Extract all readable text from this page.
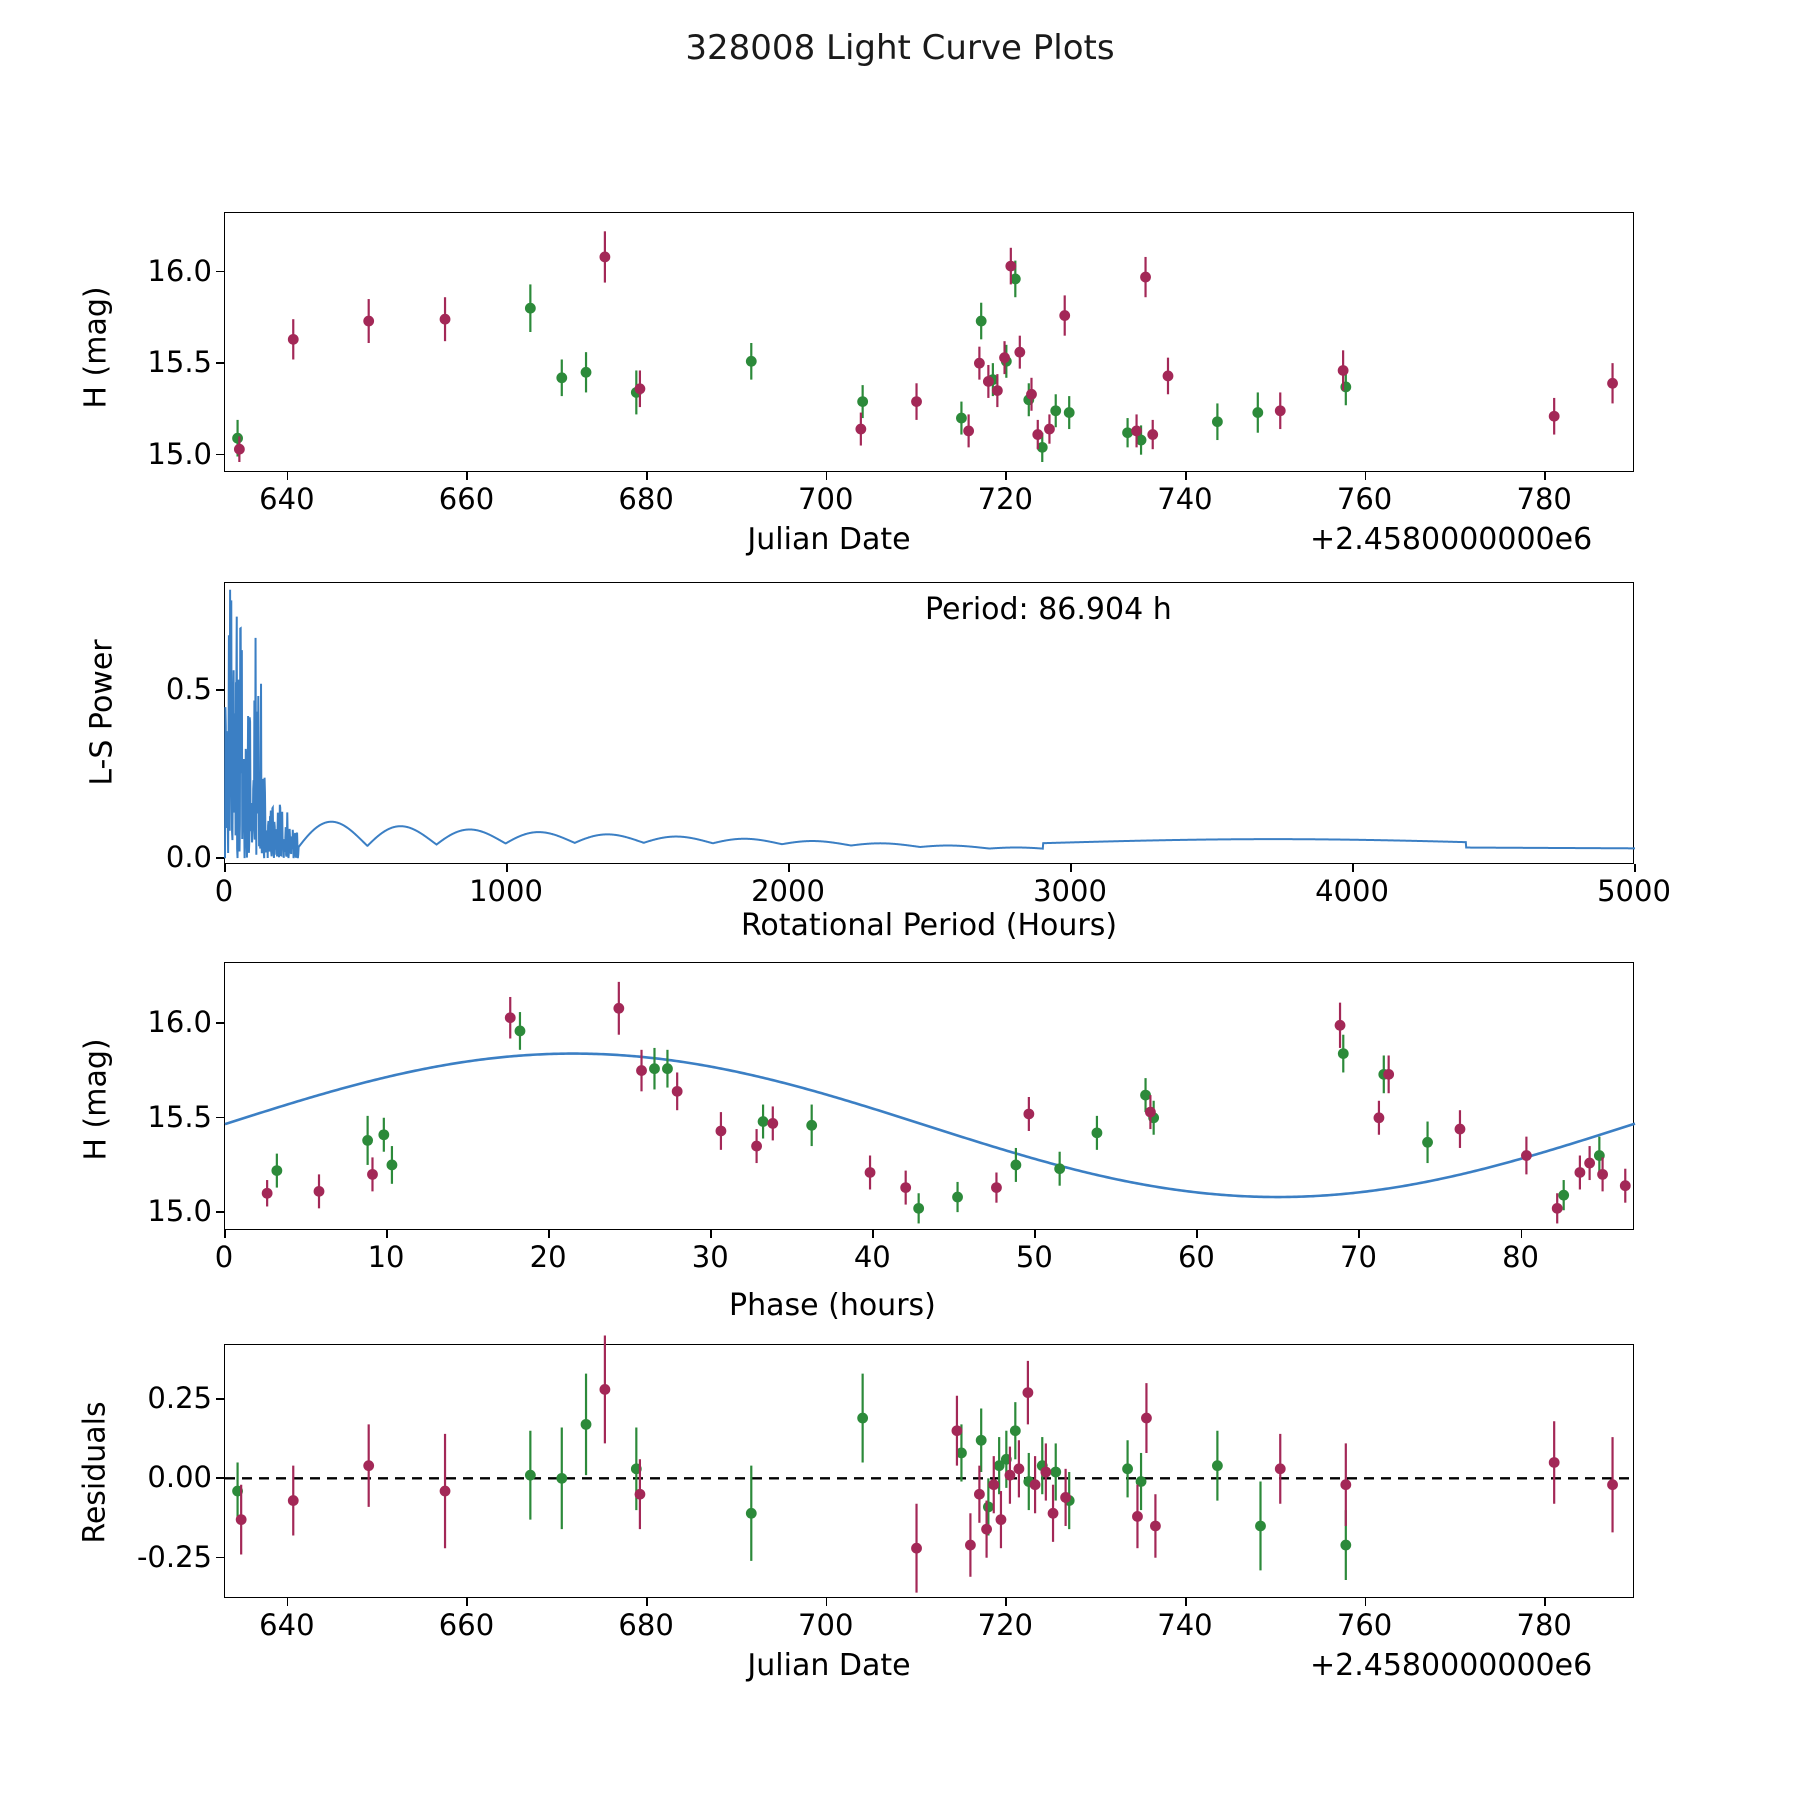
328008 Light Curve Plots
H (mag)
Julian Date	+2.4580000000e6
640	660	680	700	720	740	760	780
15.0
15.5
16.0
L-S Power
Rotational Period (Hours)
Period: 86.904 h
0	1000	2000	3000	4000	5000
0.0
0.5
H (mag)
Phase (hours)
0	10	20	30	40	50	60	70	80
15.0
15.5
16.0
Residuals
Julian Date	+2.4580000000e6
640	660	680	700	720	740	760	780
-0.25
0.00
0.25
